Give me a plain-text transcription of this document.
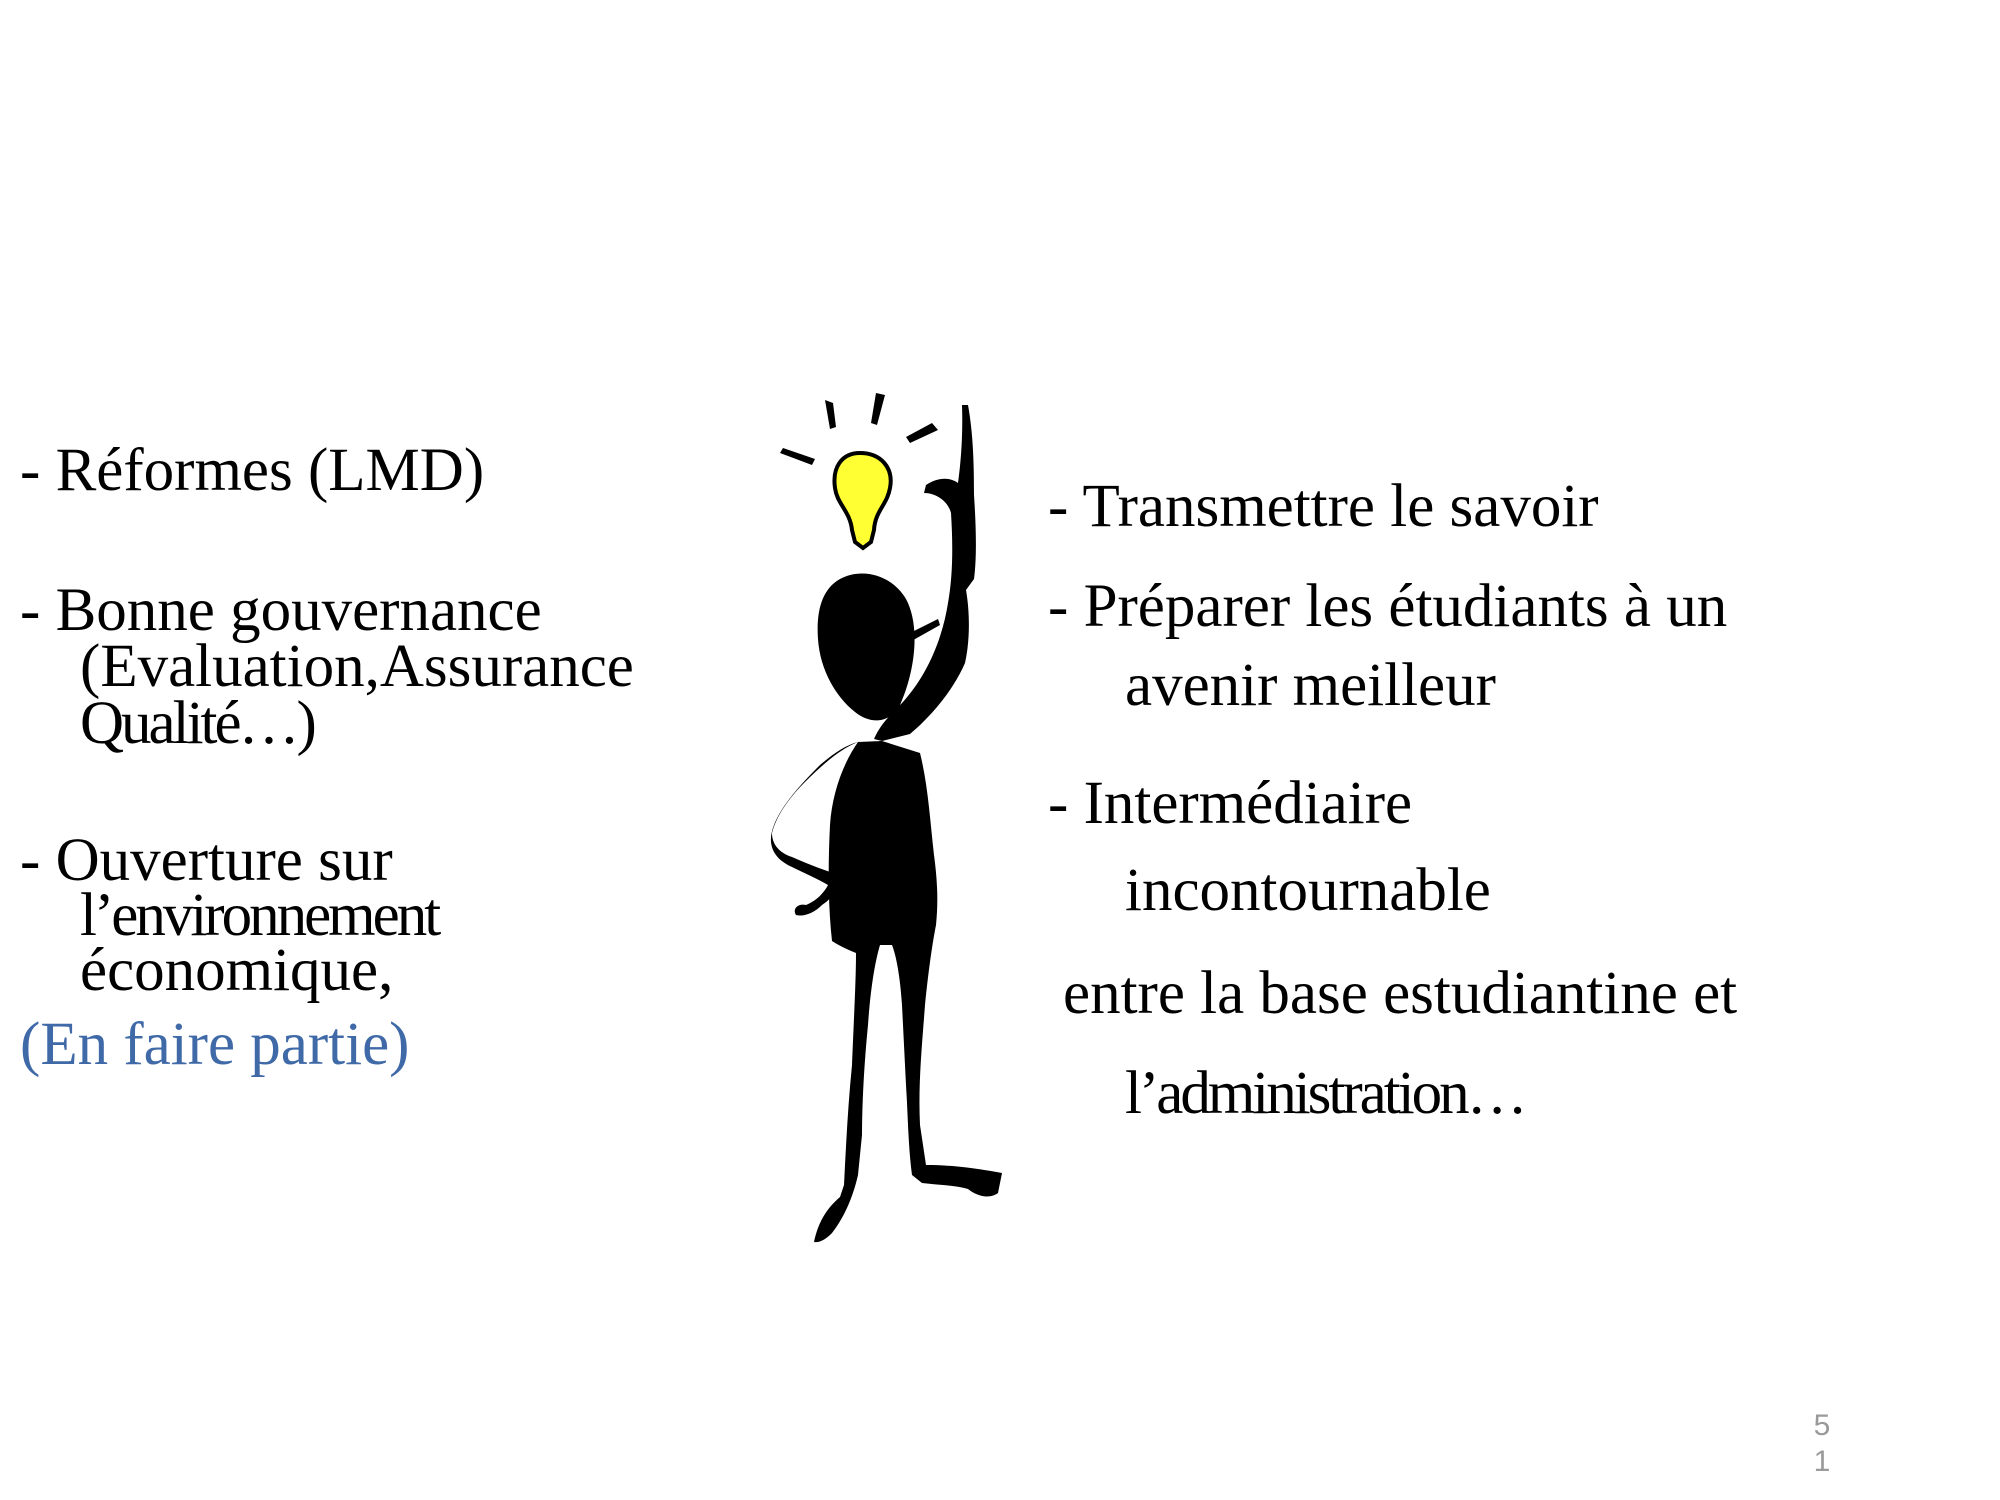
- Réformes (LMD)
- Bonne gouvernance
(Evaluation,Assurance
Qualité…)
- Ouverture sur
l’environnement
économique,
(En faire partie)
- Transmettre le savoir
- Préparer les étudiants à un
avenir meilleur
- Intermédiaire
incontournable
entre la base estudiantine et
l’administration…
51
